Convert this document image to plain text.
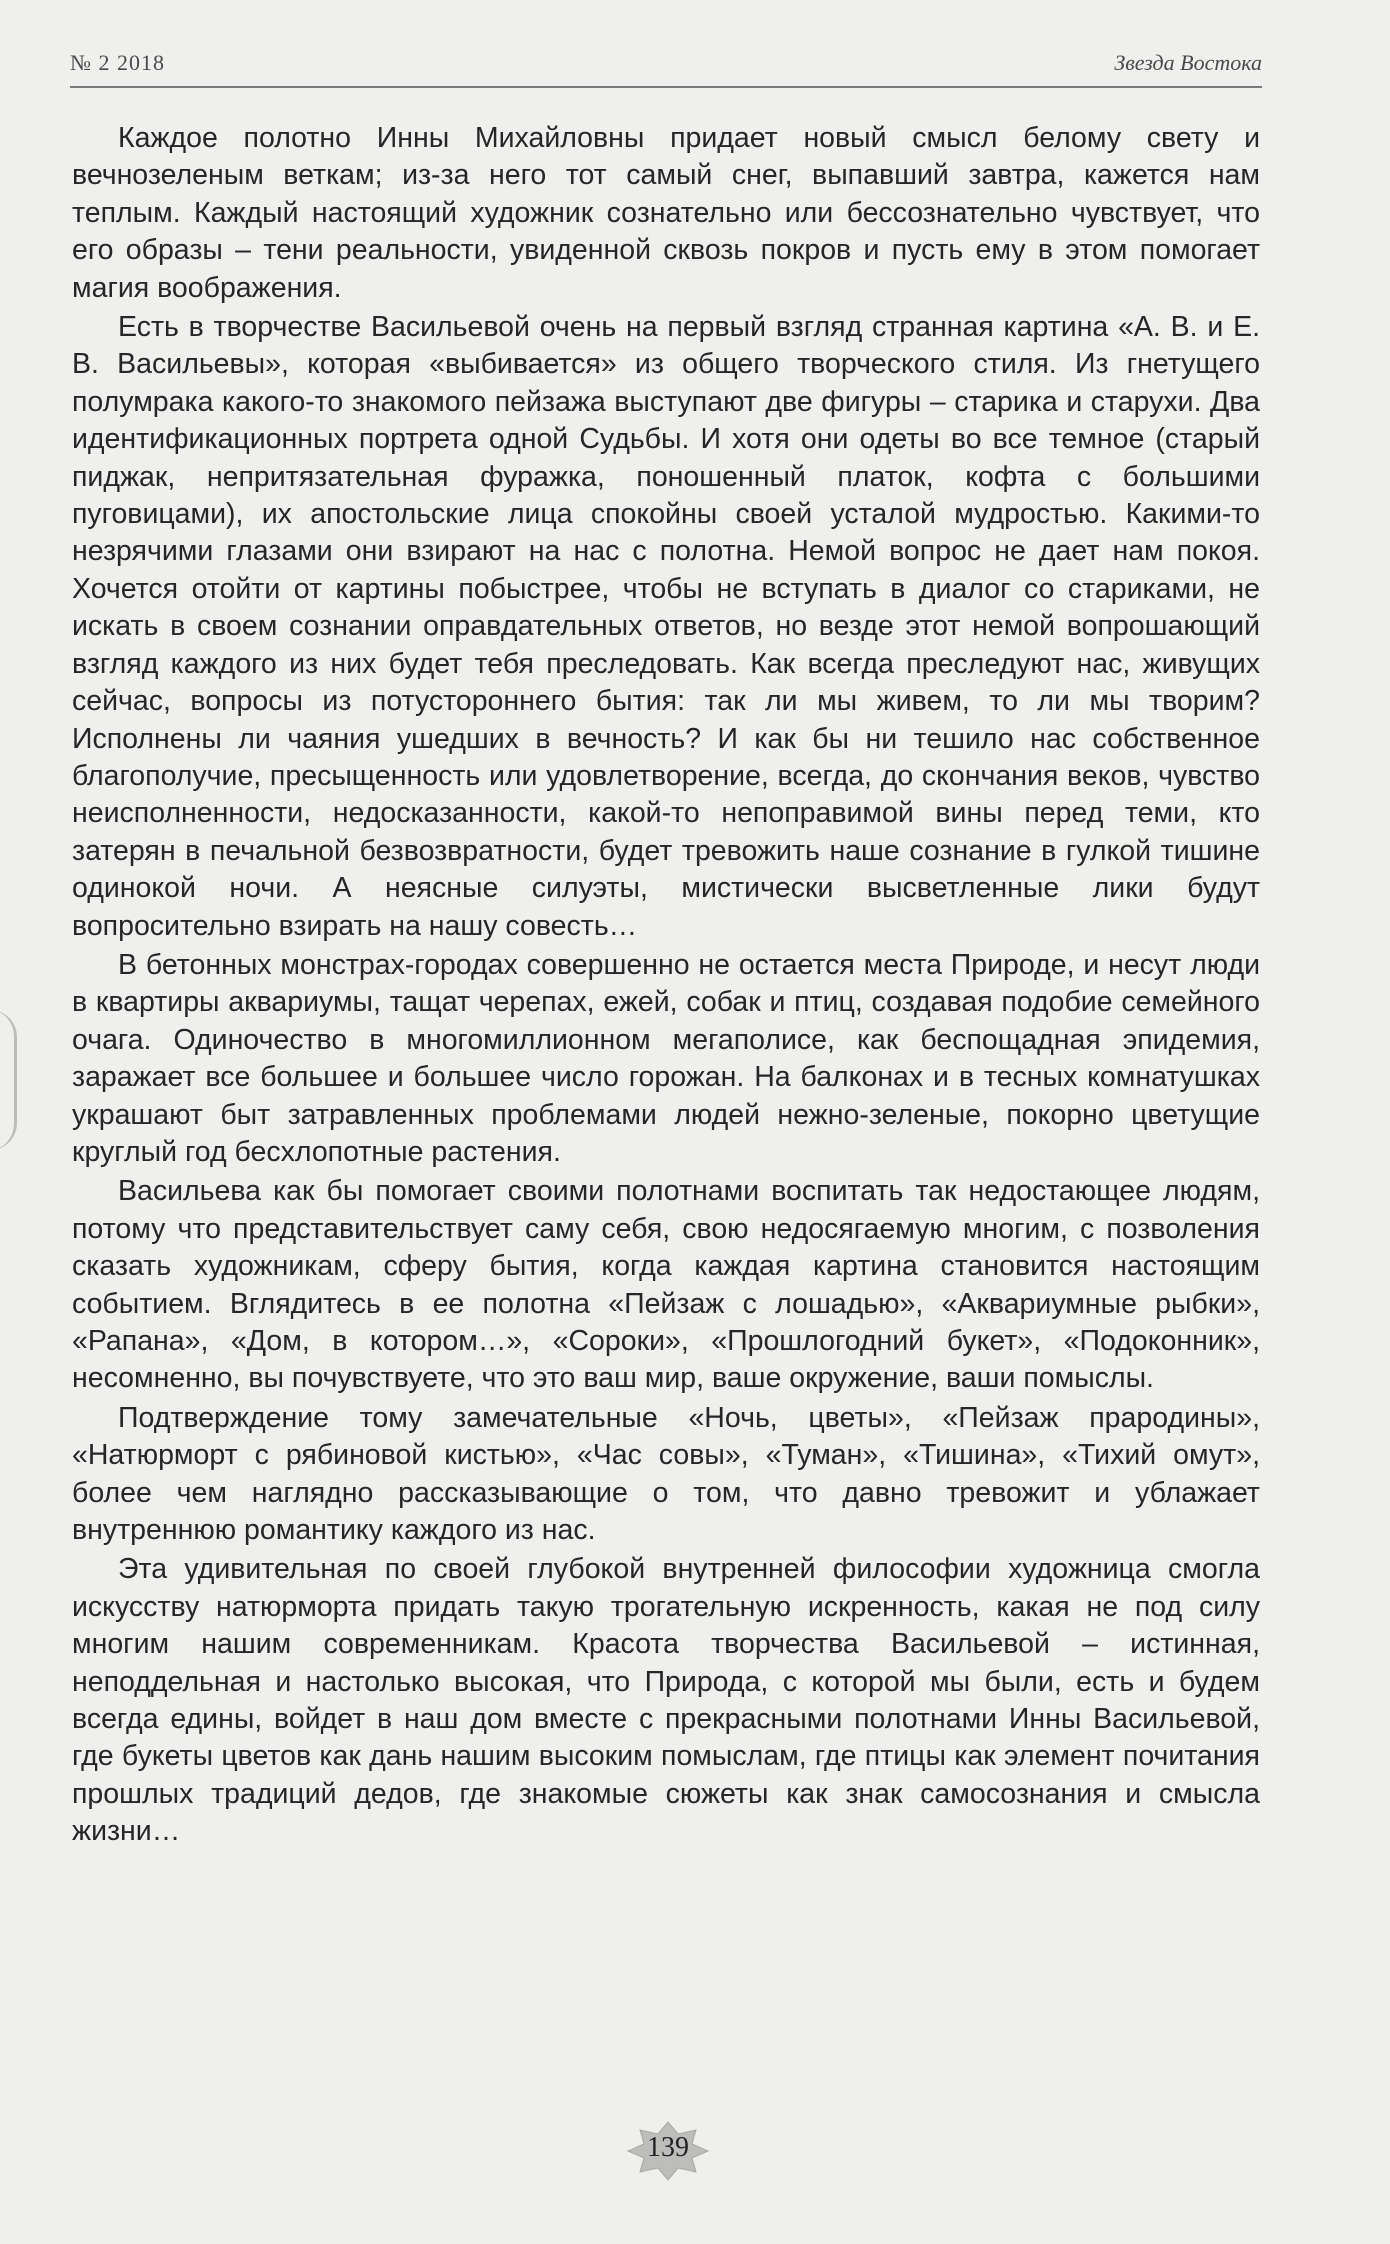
№ 2 2018	Звезда Востока

Каждое полотно Инны Михайловны придает новый смысл белому свету и вечнозеленым веткам; из-за него тот самый снег, выпавший завтра, кажется нам теплым. Каждый настоящий художник сознательно или бессознательно чувствует, что его образы – тени реальности, увиденной сквозь покров и пусть ему в этом помогает магия воображения.

Есть в творчестве Васильевой очень на первый взгляд странная картина «А. В. и Е. В. Васильевы», которая «выбивается» из общего творческого стиля. Из гнетущего полумрака какого-то знакомого пейзажа выступают две фигуры – старика и старухи. Два идентификационных портрета одной Судьбы. И хотя они одеты во все темное (старый пиджак, непритязательная фуражка, поношенный платок, кофта с большими пуговицами), их апостольские лица спокойны своей усталой мудростью. Какими-то незрячими глазами они взирают на нас с полотна. Немой вопрос не дает нам покоя. Хочется отойти от картины побыстрее, чтобы не вступать в диалог со стариками, не искать в своем сознании оправдательных ответов, но везде этот немой вопрошающий взгляд каждого из них будет тебя преследовать. Как всегда преследуют нас, живущих сейчас, вопросы из потустороннего бытия: так ли мы живем, то ли мы творим? Исполнены ли чаяния ушедших в вечность? И как бы ни тешило нас собственное благополучие, пресыщенность или удовлетворение, всегда, до скончания веков, чувство неисполненности, недосказанности, какой-то непоправимой вины перед теми, кто затерян в печальной безвозвратности, будет тревожить наше сознание в гулкой тишине одинокой ночи. А неясные силуэты, мистически высветленные лики будут вопросительно взирать на нашу совесть…

В бетонных монстрах-городах совершенно не остается места Природе, и несут люди в квартиры аквариумы, тащат черепах, ежей, собак и птиц, создавая подобие семейного очага. Одиночество в многомиллионном мегаполисе, как беспощадная эпидемия, заражает все большее и большее число горожан. На балконах и в тесных комнатушках украшают быт затравленных проблемами людей нежно-зеленые, покорно цветущие круглый год бесхлопотные растения.

Васильева как бы помогает своими полотнами воспитать так недостающее людям, потому что представительствует саму себя, свою недосягаемую многим, с позволения сказать художникам, сферу бытия, когда каждая картина становится настоящим событием. Вглядитесь в ее полотна «Пейзаж с лошадью», «Аквариумные рыбки», «Рапана», «Дом, в котором…», «Сороки», «Прошлогодний букет», «Подоконник», несомненно, вы почувствуете, что это ваш мир, ваше окружение, ваши помыслы.

Подтверждение тому замечательные «Ночь, цветы», «Пейзаж прародины», «Натюрморт с рябиновой кистью», «Час совы», «Туман», «Тишина», «Тихий омут», более чем наглядно рассказывающие о том, что давно тревожит и ублажает внутреннюю романтику каждого из нас.

Эта удивительная по своей глубокой внутренней философии художница смогла искусству натюрморта придать такую трогательную искренность, какая не под силу многим нашим современникам. Красота творчества Васильевой – истинная, неподдельная и настолько высокая, что Природа, с которой мы были, есть и будем всегда едины, войдет в наш дом вместе с прекрасными полотнами Инны Васильевой, где букеты цветов как дань нашим высоким помыслам, где птицы как элемент почитания прошлых традиций дедов, где знакомые сюжеты как знак самосознания и смысла жизни…

139
